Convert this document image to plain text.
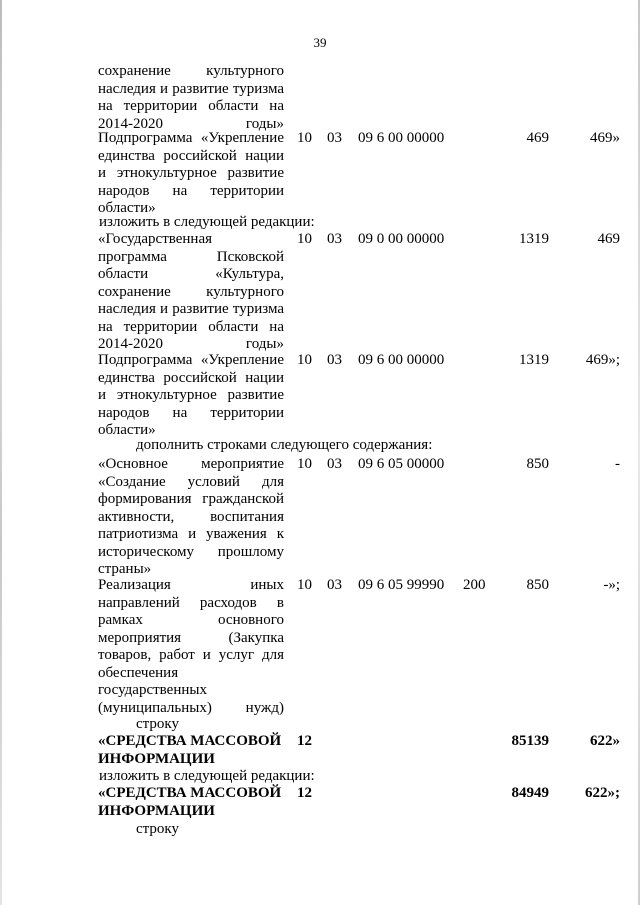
39
сохранение культурного
наследия и развитие туризма
на территории области на
2014-2020 годы»
Подпрограмма «Укрепление
единства российской нации
и этнокультурное развитие
народов на территории
области»
10 03 09 6 00 00000	469	469»
изложить в следующей редакции:
«Государственная
программа Псковской
области «Культура,
сохранение культурного
наследия и развитие туризма
на территории области на
2014-2020 годы»
10 03 09 0 00 00000	1319	469
Подпрограмма «Укрепление
единства российской нации
и этнокультурное развитие
народов на территории
области»
10 03 09 6 00 00000	1319 469»;
дополнить строками следующего содержания:
«Основное мероприятие
«Создание условий для
формирования гражданской
активности, воспитания
патриотизма и уважения к
историческому прошлому
страны»
10 03 09 6 05 00000	850	-
Реализация иных
направлений расходов в
рамках основного
мероприятия (Закупка
товаров, работ и услуг для
обеспечения
государственных
(муниципальных) нужд)
10 03 09 6 05 99990 200	850	-»;
строку
«СРЕДСТВА МАССОВОЙ
ИНФОРМАЦИИ
12	85139	622»
изложить в следующей редакции:
«СРЕДСТВА МАССОВОЙ
ИНФОРМАЦИИ
12	84949 622»;
строку
